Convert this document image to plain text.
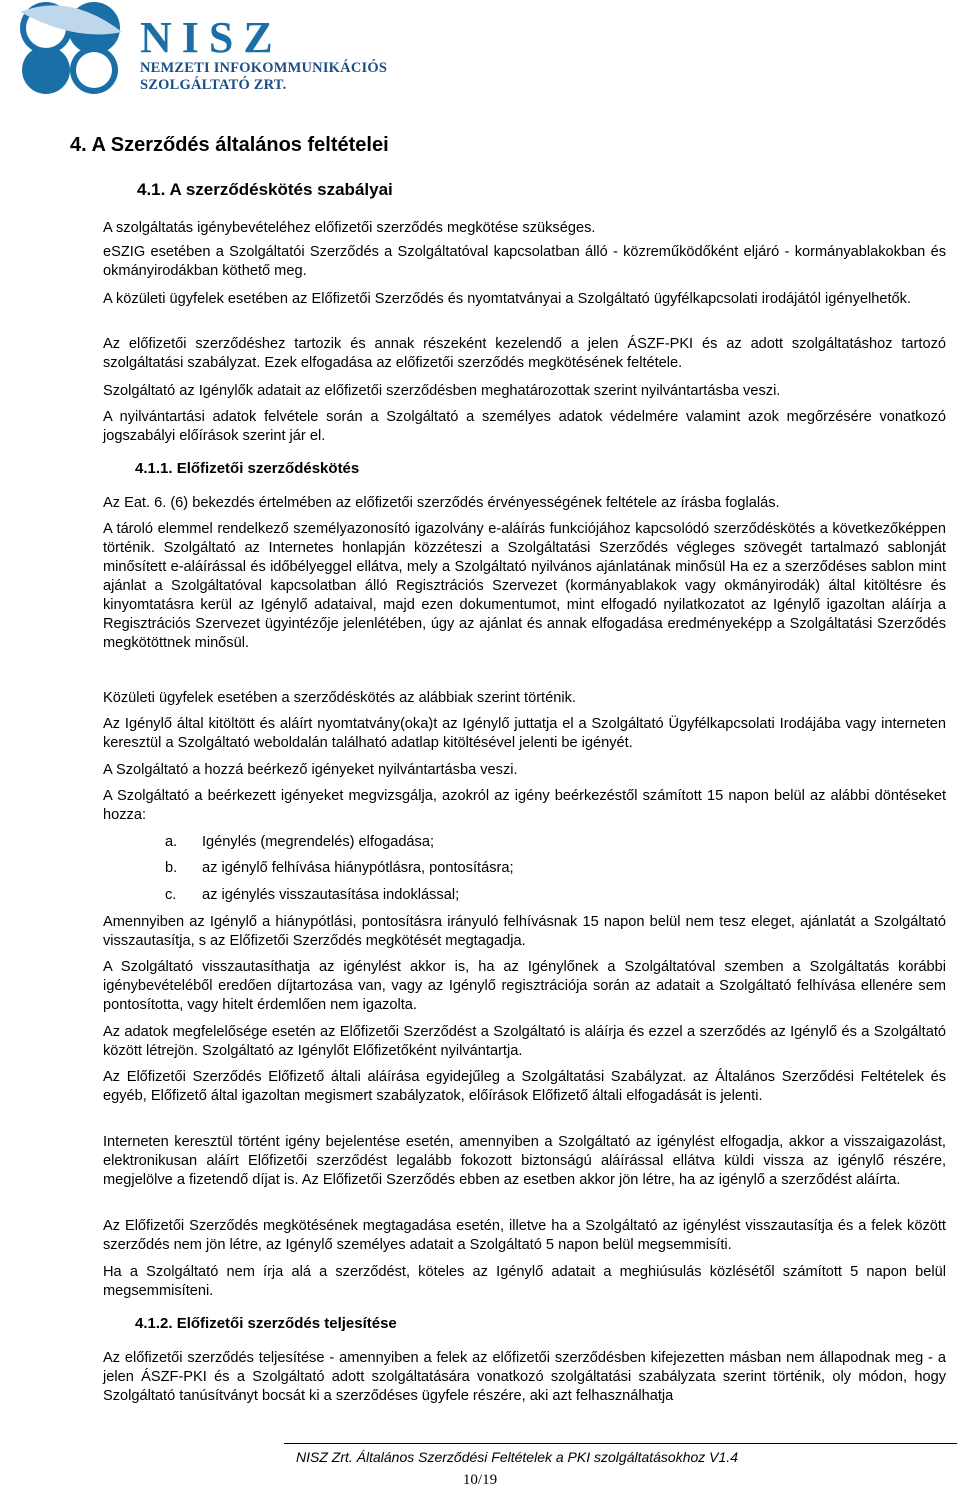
NISZ
NEMZETI INFOKOMMUNIKÁCIÓS
SZOLGÁLTATÓ ZRT.
4. A Szerződés általános feltételei
4.1. A szerződéskötés szabályai

A szolgáltatás igénybevételéhez előfizetői szerződés megkötése szükséges.

eSZIG esetében a Szolgáltatói Szerződés a Szolgáltatóval kapcsolatban álló - közreműködőként eljáró - kormányablakokban és okmányirodákban köthető meg.

A közületi ügyfelek esetében az Előfizetői Szerződés és nyomtatványai a Szolgáltató ügyfélkapcsolati irodájától igényelhetők.

Az előfizetői szerződéshez tartozik és annak részeként kezelendő a jelen ÁSZF-PKI és az adott szolgáltatáshoz tartozó szolgáltatási szabályzat. Ezek elfogadása az előfizetői szerződés megkötésének feltétele.

Szolgáltató az Igénylők adatait az előfizetői szerződésben meghatározottak szerint nyilvántartásba veszi.

A nyilvántartási adatok felvétele során a Szolgáltató a személyes adatok védelmére valamint azok megőrzésére vonatkozó jogszabályi előírások szerint jár el.

4.1.1. Előfizetői szerződéskötés

Az Eat. 6. (6) bekezdés értelmében az előfizetői szerződés érvényességének feltétele az írásba foglalás.

A tároló elemmel rendelkező személyazonosító igazolvány e-aláírás funkciójához kapcsolódó szerződéskötés a következőképpen történik. Szolgáltató az Internetes honlapján közzéteszi a Szolgáltatási Szerződés végleges szövegét tartalmazó sablonját minősített e-aláírással és időbélyeggel ellátva, mely a Szolgáltató nyilvános ajánlatának minősül Ha ez a szerződéses sablon mint ajánlat a Szolgáltatóval kapcsolatban álló Regisztrációs Szervezet (kormányablakok vagy okmányirodák) által kitöltésre és kinyomtatásra kerül az Igénylő adataival, majd ezen dokumentumot, mint elfogadó nyilatkozatot az Igénylő igazoltan aláírja a Regisztrációs Szervezet ügyintézője jelenlétében, úgy az ajánlat és annak elfogadása eredményeképp a Szolgáltatási Szerződés megkötöttnek minősül.

Közületi ügyfelek esetében a szerződéskötés az alábbiak szerint történik.

Az Igénylő által kitöltött és aláírt nyomtatvány(oka)t az Igénylő juttatja el a Szolgáltató Ügyfélkapcsolati Irodájába vagy interneten keresztül a Szolgáltató weboldalán található adatlap kitöltésével jelenti be igényét.

A Szolgáltató a hozzá beérkező igényeket nyilvántartásba veszi.

A Szolgáltató a beérkezett igényeket megvizsgálja, azokról az igény beérkezéstől számított 15 napon belül az alábbi döntéseket hozza:

a. Igénylés (megrendelés) elfogadása;
b. az igénylő felhívása hiánypótlásra, pontosításra;
c. az igénylés visszautasítása indoklással;

Amennyiben az Igénylő a hiánypótlási, pontosításra irányuló felhívásnak 15 napon belül nem tesz eleget, ajánlatát a Szolgáltató visszautasítja, s az Előfizetői Szerződés megkötését megtagadja.

A Szolgáltató visszautasíthatja az igénylést akkor is, ha az Igénylőnek a Szolgáltatóval szemben a Szolgáltatás korábbi igénybevételéből eredően díjtartozása van, vagy az Igénylő regisztrációja során az adatait a Szolgáltató felhívása ellenére sem pontosította, vagy hitelt érdemlően nem igazolta.

Az adatok megfelelősége esetén az Előfizetői Szerződést a Szolgáltató is aláírja és ezzel a szerződés az Igénylő és a Szolgáltató között létrejön. Szolgáltató az Igénylőt Előfizetőként nyilvántartja.

Az Előfizetői Szerződés Előfizető általi aláírása egyidejűleg a Szolgáltatási Szabályzat. az Általános Szerződési Feltételek és egyéb, Előfizető által igazoltan megismert szabályzatok, előírások Előfizető általi elfogadását is jelenti.

Interneten keresztül történt igény bejelentése esetén, amennyiben a Szolgáltató az igénylést elfogadja, akkor a visszaigazolást, elektronikusan aláírt Előfizetői szerződést legalább fokozott biztonságú aláírással ellátva küldi vissza az igénylő részére, megjelölve a fizetendő díjat is. Az Előfizetői Szerződés ebben az esetben akkor jön létre, ha az igénylő a szerződést aláírta.

Az Előfizetői Szerződés megkötésének megtagadása esetén, illetve ha a Szolgáltató az igénylést visszautasítja és a felek között szerződés nem jön létre, az Igénylő személyes adatait a Szolgáltató 5 napon belül megsemmisíti.

Ha a Szolgáltató nem írja alá a szerződést, köteles az Igénylő adatait a meghiúsulás közlésétől számított 5 napon belül megsemmisíteni.

4.1.2. Előfizetői szerződés teljesítése

Az előfizetői szerződés teljesítése - amennyiben a felek az előfizetői szerződésben kifejezetten másban nem állapodnak meg - a jelen ÁSZF-PKI és a Szolgáltató adott szolgáltatására vonatkozó szolgáltatási szabályzata szerint történik, oly módon, hogy Szolgáltató tanúsítványt bocsát ki a szerződéses ügyfele részére, aki azt felhasználhatja

NISZ Zrt. Általános Szerződési Feltételek a PKI szolgáltatásokhoz V1.4
10/19
